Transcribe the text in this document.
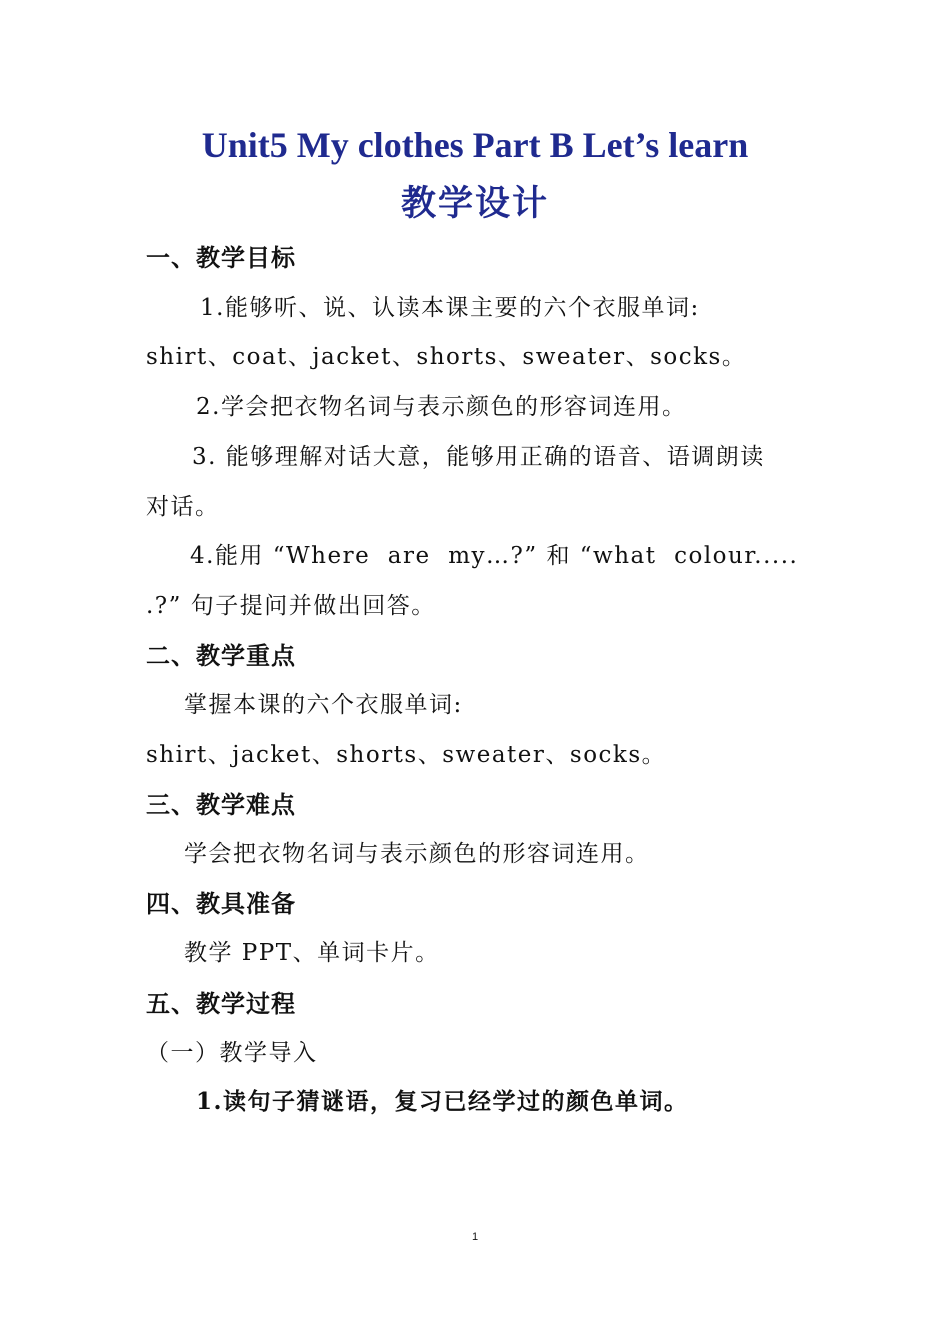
Unit5 My clothes Part B Let’s learn
教学设计
一、教学目标
1.能够听、说、认读本课主要的六个衣服单词:
shirt、coat、jacket、shorts、sweater、socks。
2.学会把衣物名词与表示颜色的形容词连用。
3. 能够理解对话大意，能够用正确的语音、语调朗读
对话。
4.能用 “Where  are  my…?” 和 “what  colour.....
.?” 句子提问并做出回答。
二、教学重点
掌握本课的六个衣服单词:
shirt、jacket、shorts、sweater、socks。
三、教学难点
学会把衣物名词与表示颜色的形容词连用。
四、教具准备
教学 PPT、单词卡片。
五、教学过程
（一）教学导入
1.读句子猜谜语，复习已经学过的颜色单词。
1
